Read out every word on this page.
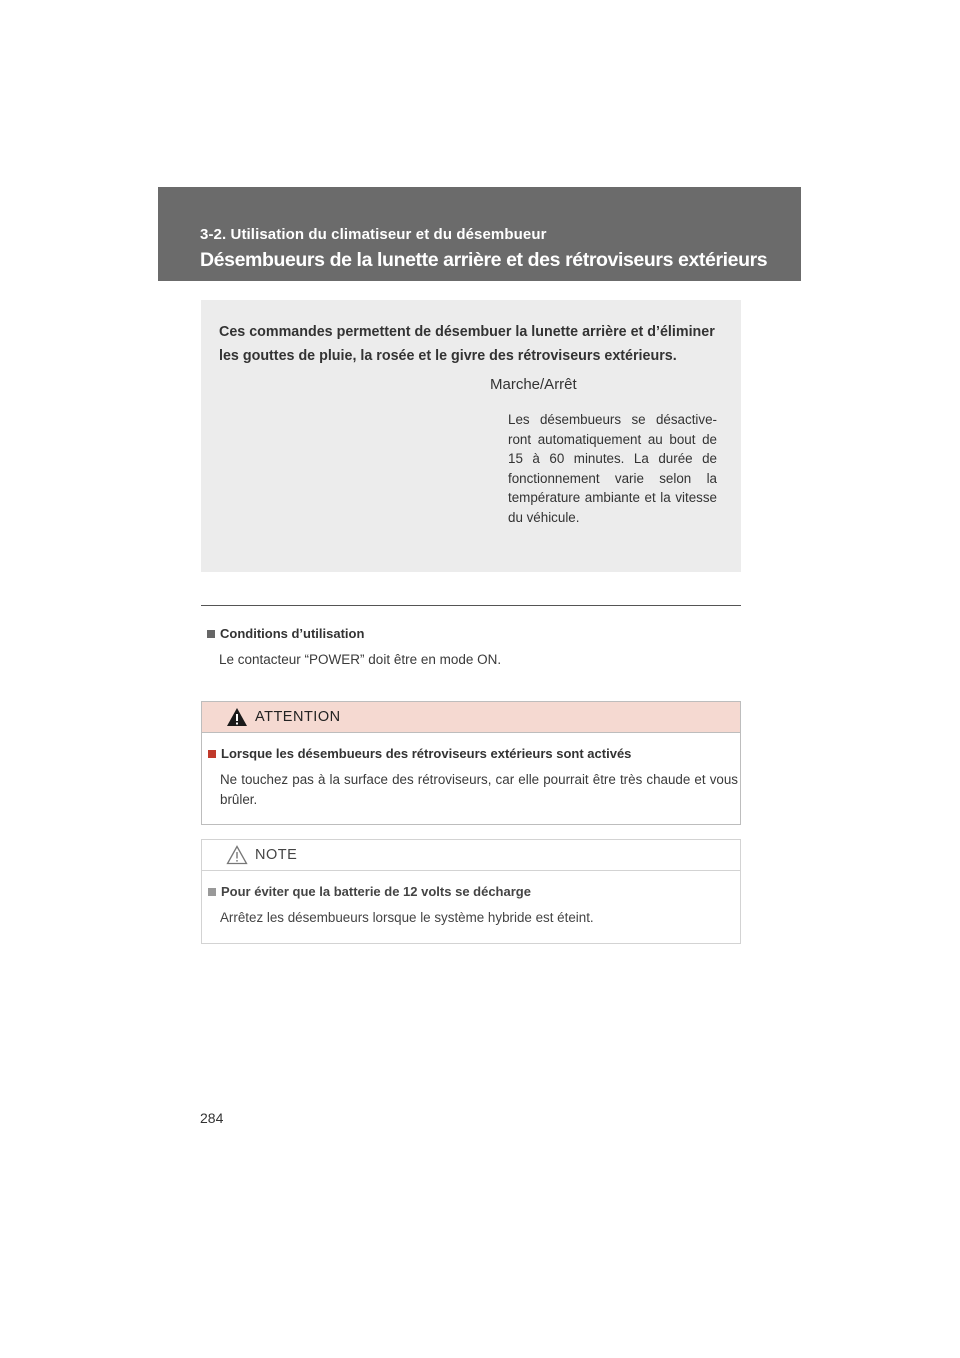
3-2. Utilisation du climatiseur et du désembueur
Désembueurs de la lunette arrière et des rétroviseurs extérieurs
Ces commandes permettent de désembuer la lunette arrière et d’éliminer les gouttes de pluie, la rosée et le givre des rétroviseurs extérieurs.
Marche/Arrêt
Les désembueurs se désactive-ront automatiquement au bout de 15 à 60 minutes. La durée de fonctionnement varie selon la température ambiante et la vitesse du véhicule.
Conditions d’utilisation
Le contacteur “POWER” doit être en mode ON.
ATTENTION
Lorsque les désembueurs des rétroviseurs extérieurs sont activés
Ne touchez pas à la surface des rétroviseurs, car elle pourrait être très chaude et vous brûler.
NOTE
Pour éviter que la batterie de 12 volts se décharge
Arrêtez les désembueurs lorsque le système hybride est éteint.
284
